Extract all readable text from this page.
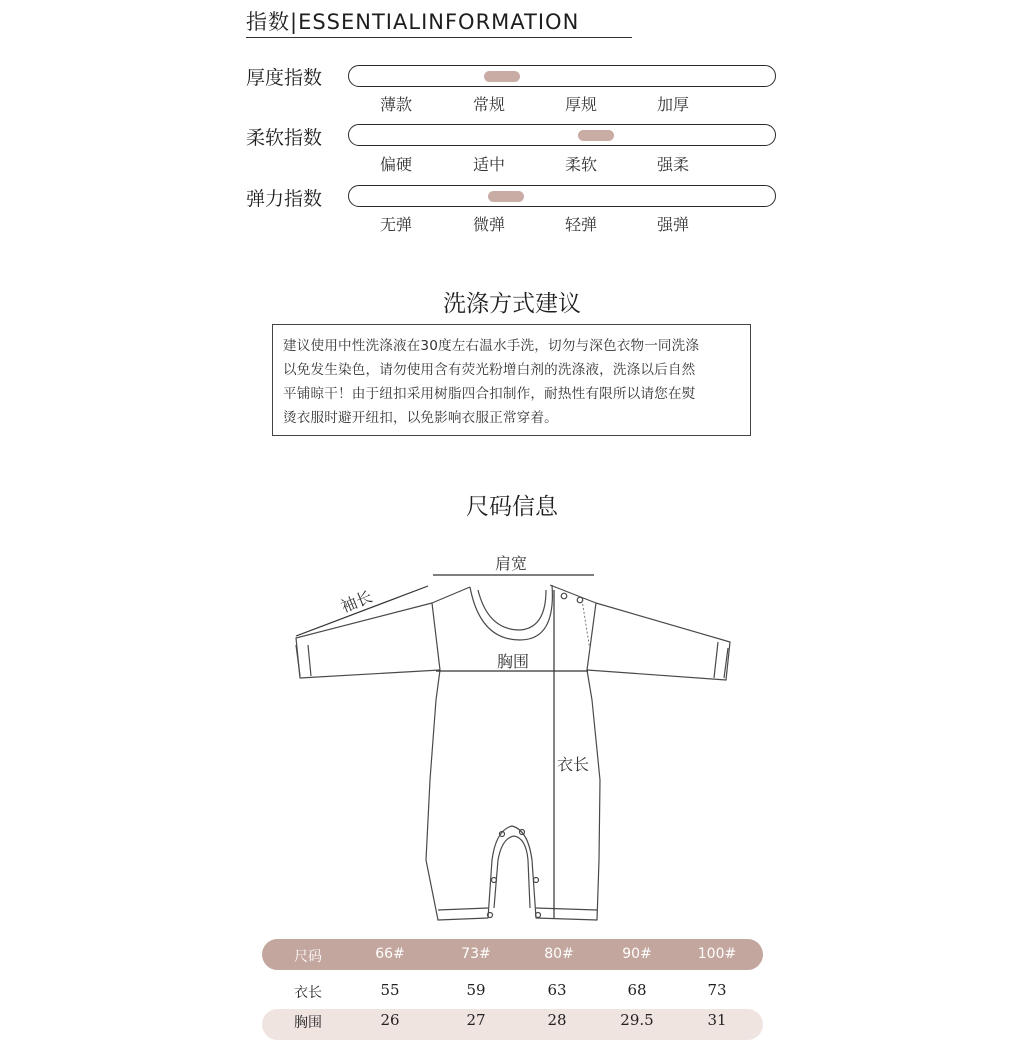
指数|ESSENTIALINFORMATION
厚度指数
薄款	常规	厚规	加厚
柔软指数
偏硬	适中	柔软	强柔
弹力指数
无弹	微弹	轻弹	强弹
洗涤方式建议
建议使用中性洗涤液在30度左右温水手洗，切勿与深色衣物一同洗涤
以免发生染色，请勿使用含有荧光粉增白剂的洗涤液，洗涤以后自然
平铺晾干！由于纽扣采用树脂四合扣制作，耐热性有限所以请您在熨
烫衣服时避开纽扣，以免影响衣服正常穿着。
尺码信息
肩宽
袖长
胸围
衣长
尺码	66#	73#	80#	90#	100#
衣长	55	59	63	68	73
胸围	26	27	28	29.5	31
